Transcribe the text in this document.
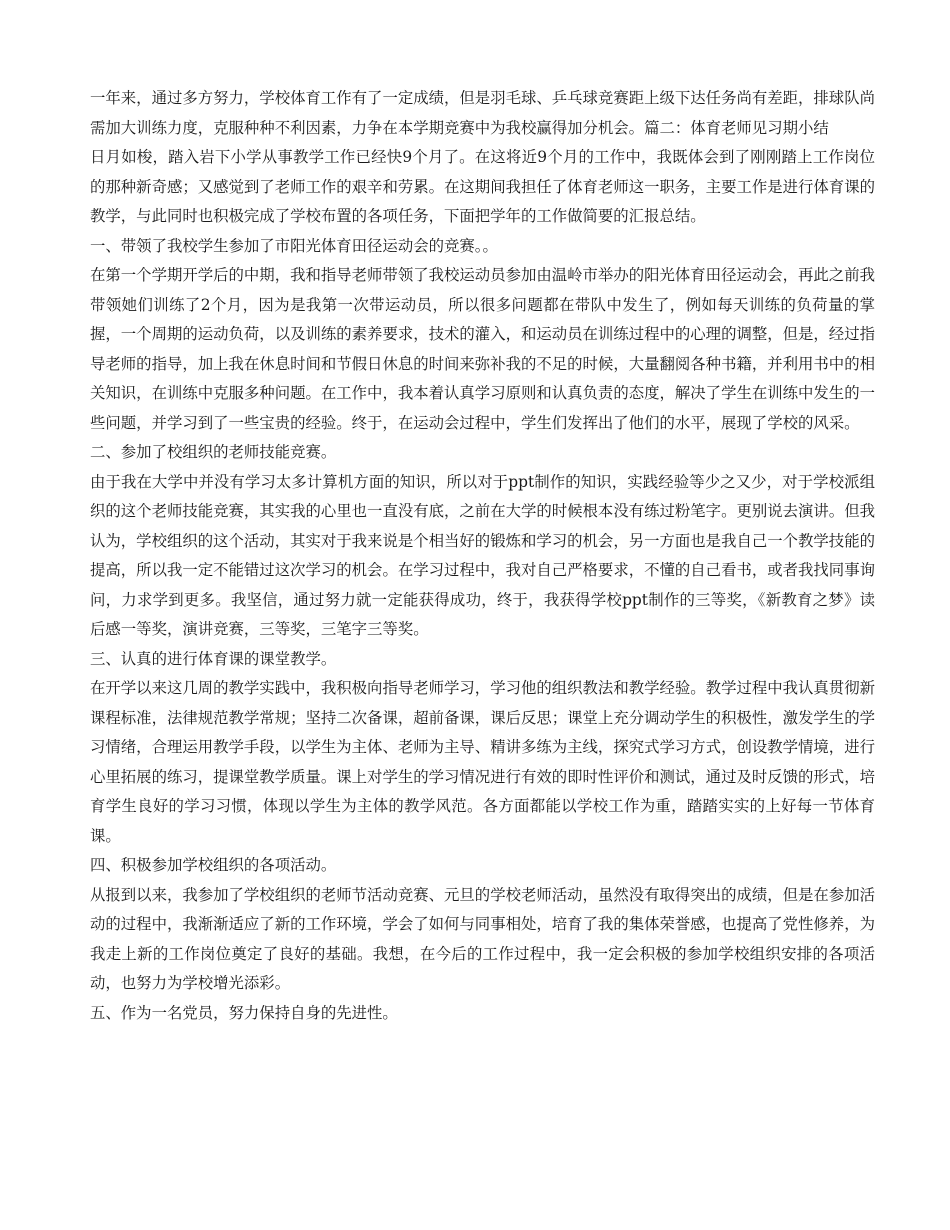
一年来，通过多方努力，学校体育工作有了一定成绩，但是羽毛球、乒乓球竞赛距上级下达任务尚有差距，排球队尚需加大训练力度，克服种种不利因素，力争在本学期竞赛中为我校赢得加分机会。篇二：体育老师见习期小结

日月如梭，踏入岩下小学从事教学工作已经快9个月了。在这将近9个月的工作中，我既体会到了刚刚踏上工作岗位的那种新奇感；又感觉到了老师工作的艰辛和劳累。在这期间我担任了体育老师这一职务，主要工作是进行体育课的教学，与此同时也积极完成了学校布置的各项任务，下面把学年的工作做简要的汇报总结。

一、带领了我校学生参加了市阳光体育田径运动会的竞赛。。

在第一个学期开学后的中期，我和指导老师带领了我校运动员参加由温岭市举办的阳光体育田径运动会，再此之前我带领她们训练了2个月，因为是我第一次带运动员，所以很多问题都在带队中发生了，例如每天训练的负荷量的掌握，一个周期的运动负荷，以及训练的素养要求，技术的灌入，和运动员在训练过程中的心理的调整，但是，经过指导老师的指导，加上我在休息时间和节假日休息的时间来弥补我的不足的时候，大量翻阅各种书籍，并利用书中的相关知识，在训练中克服多种问题。在工作中，我本着认真学习原则和认真负责的态度，解决了学生在训练中发生的一些问题，并学习到了一些宝贵的经验。终于，在运动会过程中，学生们发挥出了他们的水平，展现了学校的风采。

二、参加了校组织的老师技能竞赛。

由于我在大学中并没有学习太多计算机方面的知识，所以对于ppt制作的知识，实践经验等少之又少，对于学校派组织的这个老师技能竞赛，其实我的心里也一直没有底，之前在大学的时候根本没有练过粉笔字。更别说去演讲。但我认为，学校组织的这个活动，其实对于我来说是个相当好的锻炼和学习的机会，另一方面也是我自己一个教学技能的提高，所以我一定不能错过这次学习的机会。在学习过程中，我对自己严格要求，不懂的自己看书，或者我找同事询问，力求学到更多。我坚信，通过努力就一定能获得成功，终于，我获得学校ppt制作的三等奖，《新教育之梦》读后感一等奖，演讲竞赛，三等奖，三笔字三等奖。

三、认真的进行体育课的课堂教学。

在开学以来这几周的教学实践中，我积极向指导老师学习，学习他的组织教法和教学经验。教学过程中我认真贯彻新课程标准，法律规范教学常规；坚持二次备课，超前备课，课后反思；课堂上充分调动学生的积极性，激发学生的学习情绪，合理运用教学手段，以学生为主体、老师为主导、精讲多练为主线，探究式学习方式，创设教学情境，进行心里拓展的练习，提课堂教学质量。课上对学生的学习情况进行有效的即时性评价和测试，通过及时反馈的形式，培育学生良好的学习习惯，体现以学生为主体的教学风范。各方面都能以学校工作为重，踏踏实实的上好每一节体育课。

四、积极参加学校组织的各项活动。

从报到以来，我参加了学校组织的老师节活动竞赛、元旦的学校老师活动，虽然没有取得突出的成绩，但是在参加活动的过程中，我渐渐适应了新的工作环境，学会了如何与同事相处，培育了我的集体荣誉感，也提高了党性修养，为我走上新的工作岗位奠定了良好的基础。我想，在今后的工作过程中，我一定会积极的参加学校组织安排的各项活动，也努力为学校增光添彩。

五、作为一名党员，努力保持自身的先进性。
